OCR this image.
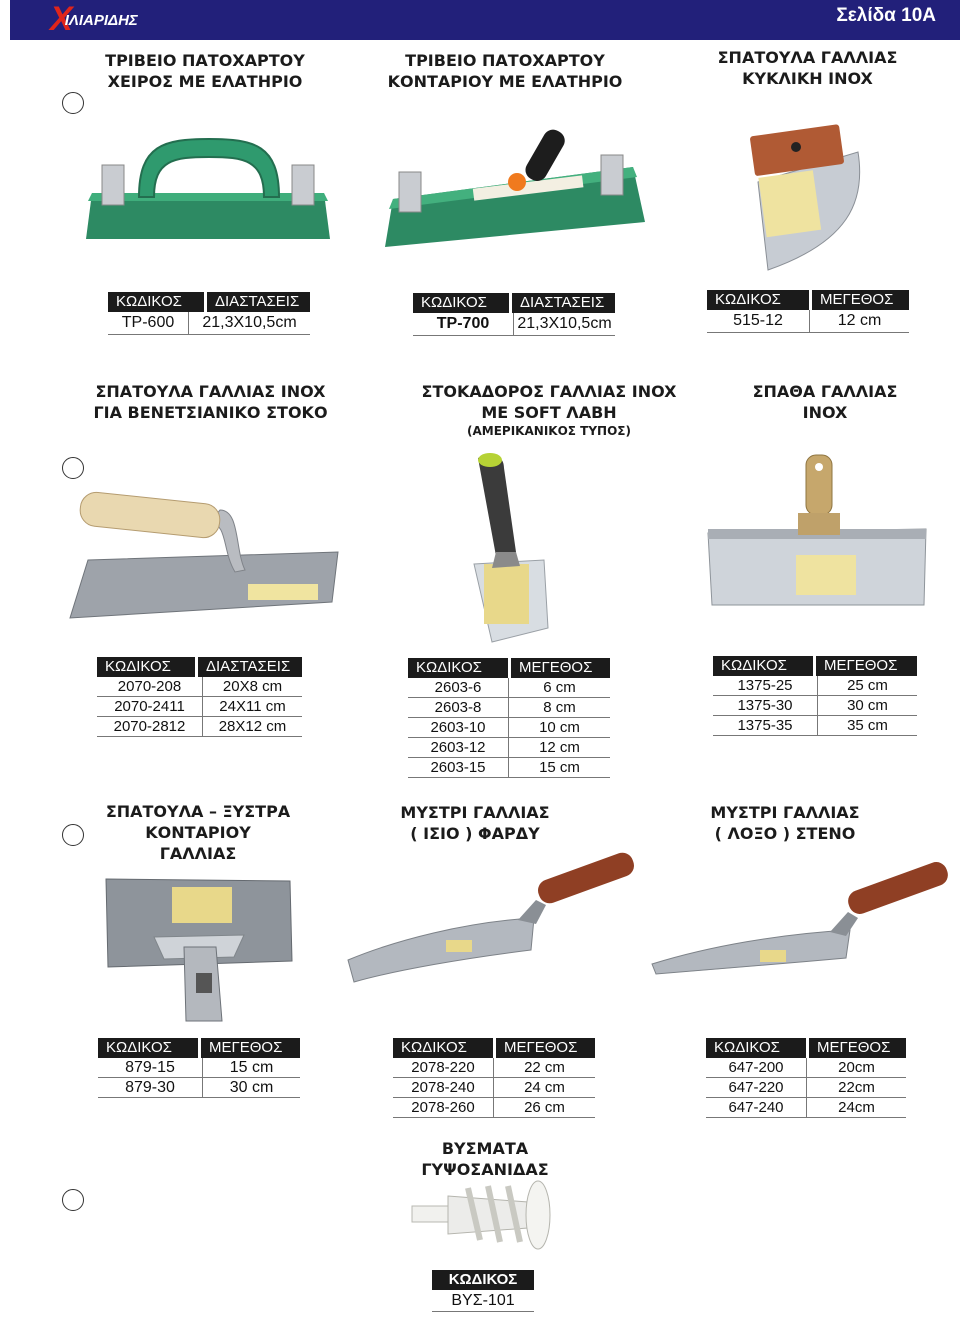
Χ
ΙΛΙΑΡΙΔΗΣ	Σελίδα 10Α
ΤΡΙΒΕΙΟ ΠΑΤΟΧΑΡΤΟΥ
ΧΕΙΡΟΣ ΜΕ ΕΛΑΤΗΡΙΟ
ΤΡΙΒΕΙΟ ΠΑΤΟΧΑΡΤΟΥ
ΚΟΝΤΑΡΙΟΥ ΜΕ ΕΛΑΤΗΡΙΟ
ΣΠΑΤΟΥΛΑ ΓΑΛΛΙΑΣ
ΚΥΚΛΙΚΗ INOX
ΚΩΔΙΚΟΣ	ΔΙΑΣΤΑΣΕΙΣ
TP-600	21,3X10,5cm
ΚΩΔΙΚΟΣ	ΔΙΑΣΤΑΣΕΙΣ
TP-700	21,3X10,5cm
ΚΩΔΙΚΟΣ	ΜΕΓΕΘΟΣ
515-12	12 cm
ΣΠΑΤΟΥΛΑ ΓΑΛΛΙΑΣ INOX
ΓΙΑ ΒΕΝΕΤΣΙΑΝΙΚΟ ΣΤΟΚΟ
ΣΤΟΚΑΔΟΡΟΣ ΓΑΛΛΙΑΣ INOX
ΜΕ SOFT ΛΑΒΗ
(ΑΜΕΡΙΚΑΝΙΚΟΣ ΤΥΠΟΣ)
ΣΠΑΘΑ ΓΑΛΛΙΑΣ
INOX
ΚΩΔΙΚΟΣ	ΔΙΑΣΤΑΣΕΙΣ
2070-208	20X8 cm
2070-2411	24X11 cm
2070-2812	28X12 cm
ΚΩΔΙΚΟΣ	ΜΕΓΕΘΟΣ
2603-6	6 cm
2603-8	8 cm
2603-10	10 cm
2603-12	12 cm
2603-15	15 cm
ΚΩΔΙΚΟΣ	ΜΕΓΕΘΟΣ
1375-25	25 cm
1375-30	30 cm
1375-35	35 cm
ΣΠΑΤΟΥΛΑ – ΞΥΣΤΡΑ
ΚΟΝΤΑΡΙΟΥ
ΓΑΛΛΙΑΣ
ΜΥΣΤΡΙ ΓΑΛΛΙΑΣ
( ΙΣΙΟ ) ΦΑΡΔΥ
ΜΥΣΤΡΙ ΓΑΛΛΙΑΣ
( ΛΟΞΟ ) ΣΤΕΝΟ
ΚΩΔΙΚΟΣ	ΜΕΓΕΘΟΣ
879-15	15 cm
879-30	30 cm
ΚΩΔΙΚΟΣ	ΜΕΓΕΘΟΣ
2078-220	22 cm
2078-240	24 cm
2078-260	26 cm
ΚΩΔΙΚΟΣ	ΜΕΓΕΘΟΣ
647-200	20cm
647-220	22cm
647-240	24cm
ΒΥΣΜΑΤΑ
ΓΥΨΟΣΑΝΙΔΑΣ
ΚΩΔΙΚΟΣ
ΒΥΣ-101
